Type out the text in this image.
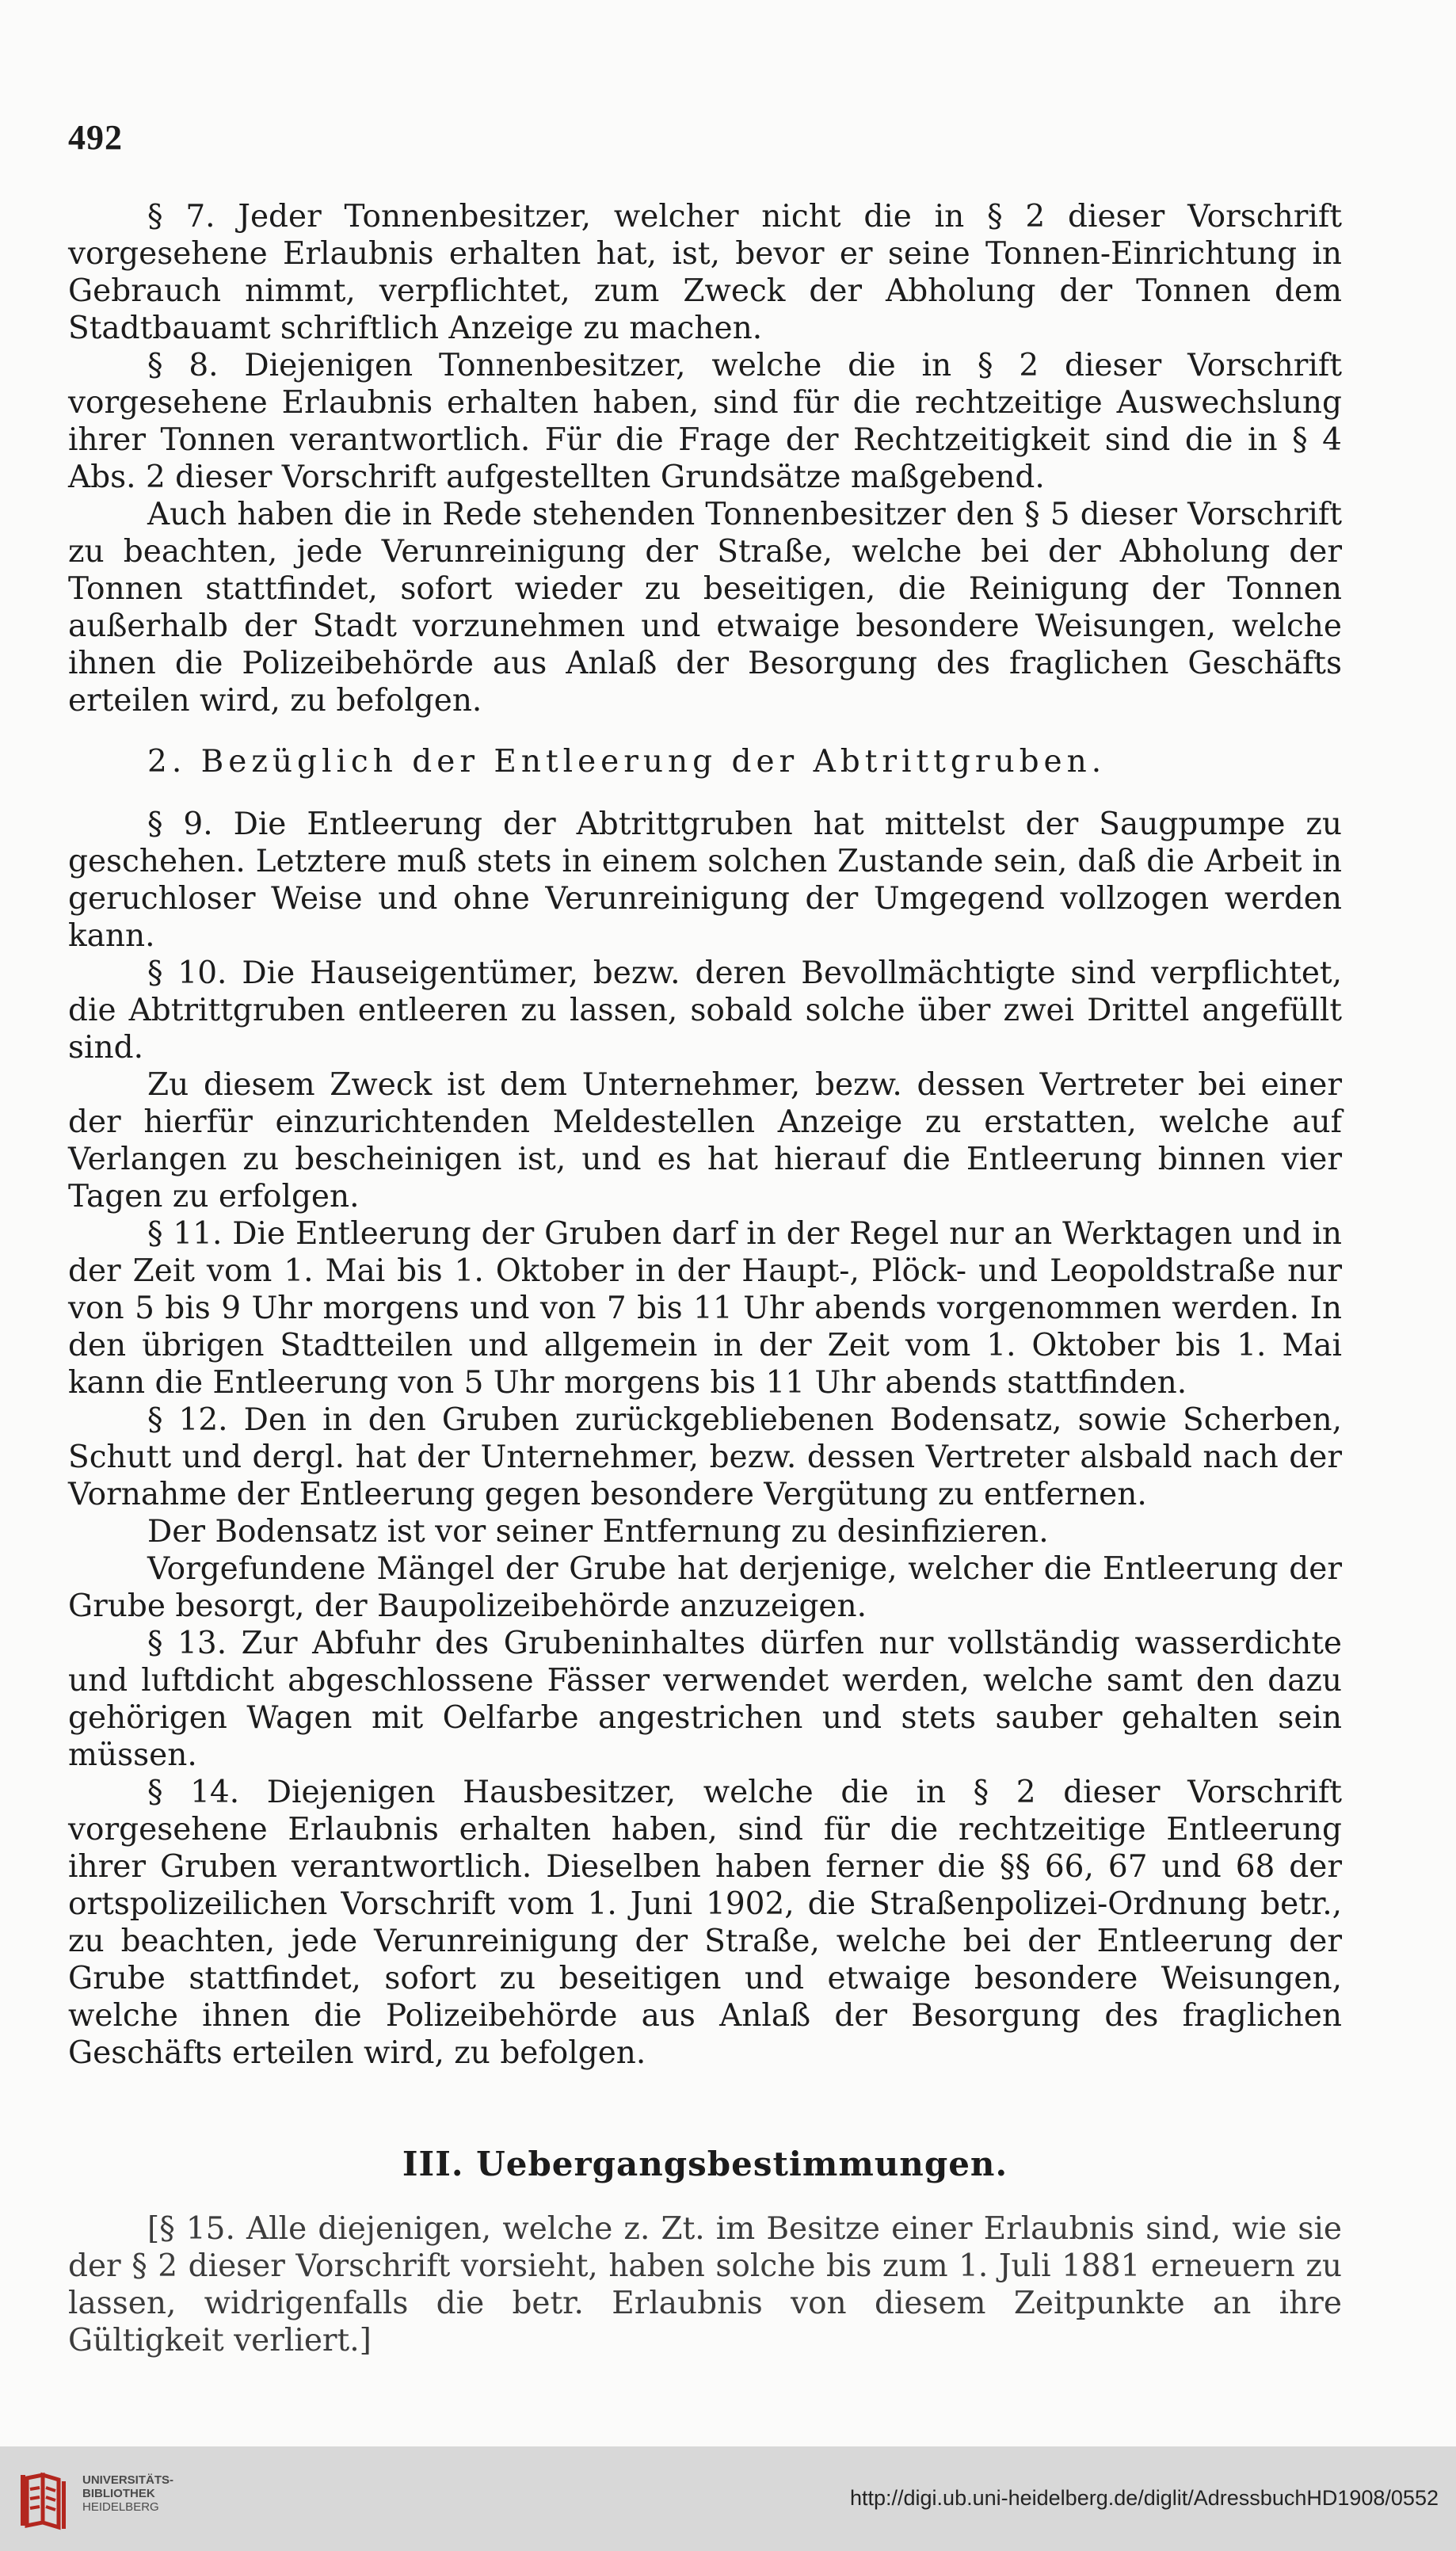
492

§ 7. Jeder Tonnenbesitzer, welcher nicht die in § 2 dieser Vorschrift vorgesehene Erlaubnis erhalten hat, ist, bevor er seine Tonnen-Einrichtung in Gebrauch nimmt, verpflichtet, zum Zweck der Abholung der Tonnen dem Stadtbauamt schriftlich Anzeige zu machen.

§ 8. Diejenigen Tonnenbesitzer, welche die in § 2 dieser Vorschrift vorgesehene Erlaubnis erhalten haben, sind für die rechtzeitige Auswechslung ihrer Tonnen verantwortlich. Für die Frage der Rechtzeitigkeit sind die in § 4 Abs. 2 dieser Vorschrift aufgestellten Grundsätze maßgebend.

Auch haben die in Rede stehenden Tonnenbesitzer den § 5 dieser Vorschrift zu beachten, jede Verunreinigung der Straße, welche bei der Abholung der Tonnen stattfindet, sofort wieder zu beseitigen, die Reinigung der Tonnen außerhalb der Stadt vorzunehmen und etwaige besondere Weisungen, welche ihnen die Polizeibehörde aus Anlaß der Besorgung des fraglichen Geschäfts erteilen wird, zu befolgen.

2. Bezüglich der Entleerung der Abtrittgruben.

§ 9. Die Entleerung der Abtrittgruben hat mittelst der Saugpumpe zu geschehen. Letztere muß stets in einem solchen Zustande sein, daß die Arbeit in geruchloser Weise und ohne Verunreinigung der Umgegend vollzogen werden kann.

§ 10. Die Hauseigentümer, bezw. deren Bevollmächtigte sind verpflichtet, die Abtrittgruben entleeren zu lassen, sobald solche über zwei Drittel angefüllt sind.

Zu diesem Zweck ist dem Unternehmer, bezw. dessen Vertreter bei einer der hierfür einzurichtenden Meldestellen Anzeige zu erstatten, welche auf Verlangen zu bescheinigen ist, und es hat hierauf die Entleerung binnen vier Tagen zu erfolgen.

§ 11. Die Entleerung der Gruben darf in der Regel nur an Werktagen und in der Zeit vom 1. Mai bis 1. Oktober in der Haupt-, Plöck- und Leopoldstraße nur von 5 bis 9 Uhr morgens und von 7 bis 11 Uhr abends vorgenommen werden. In den übrigen Stadtteilen und allgemein in der Zeit vom 1. Oktober bis 1. Mai kann die Entleerung von 5 Uhr morgens bis 11 Uhr abends stattfinden.

§ 12. Den in den Gruben zurückgebliebenen Bodensatz, sowie Scherben, Schutt und dergl. hat der Unternehmer, bezw. dessen Vertreter alsbald nach der Vornahme der Entleerung gegen besondere Vergütung zu entfernen.

Der Bodensatz ist vor seiner Entfernung zu desinfizieren.

Vorgefundene Mängel der Grube hat derjenige, welcher die Entleerung der Grube besorgt, der Baupolizeibehörde anzuzeigen.

§ 13. Zur Abfuhr des Grubeninhaltes dürfen nur vollständig wasserdichte und luftdicht abgeschlossene Fässer verwendet werden, welche samt den dazu gehörigen Wagen mit Oelfarbe angestrichen und stets sauber gehalten sein müssen.

§ 14. Diejenigen Hausbesitzer, welche die in § 2 dieser Vorschrift vorgesehene Erlaubnis erhalten haben, sind für die rechtzeitige Entleerung ihrer Gruben verantwortlich. Dieselben haben ferner die §§ 66, 67 und 68 der ortspolizeilichen Vorschrift vom 1. Juni 1902, die Straßenpolizei-Ordnung betr., zu beachten, jede Verunreinigung der Straße, welche bei der Entleerung der Grube stattfindet, sofort zu beseitigen und etwaige besondere Weisungen, welche ihnen die Polizeibehörde aus Anlaß der Besorgung des fraglichen Geschäfts erteilen wird, zu befolgen.

III. Uebergangsbestimmungen.

[§ 15. Alle diejenigen, welche z. Zt. im Besitze einer Erlaubnis sind, wie sie der § 2 dieser Vorschrift vorsieht, haben solche bis zum 1. Juli 1881 erneuern zu lassen, widrigenfalls die betr. Erlaubnis von diesem Zeitpunkte an ihre Gültigkeit verliert.]

UNIVERSITÄTS-
BIBLIOTHEK
HEIDELBERG	http://digi.ub.uni-heidelberg.de/diglit/AdressbuchHD1908/0552
